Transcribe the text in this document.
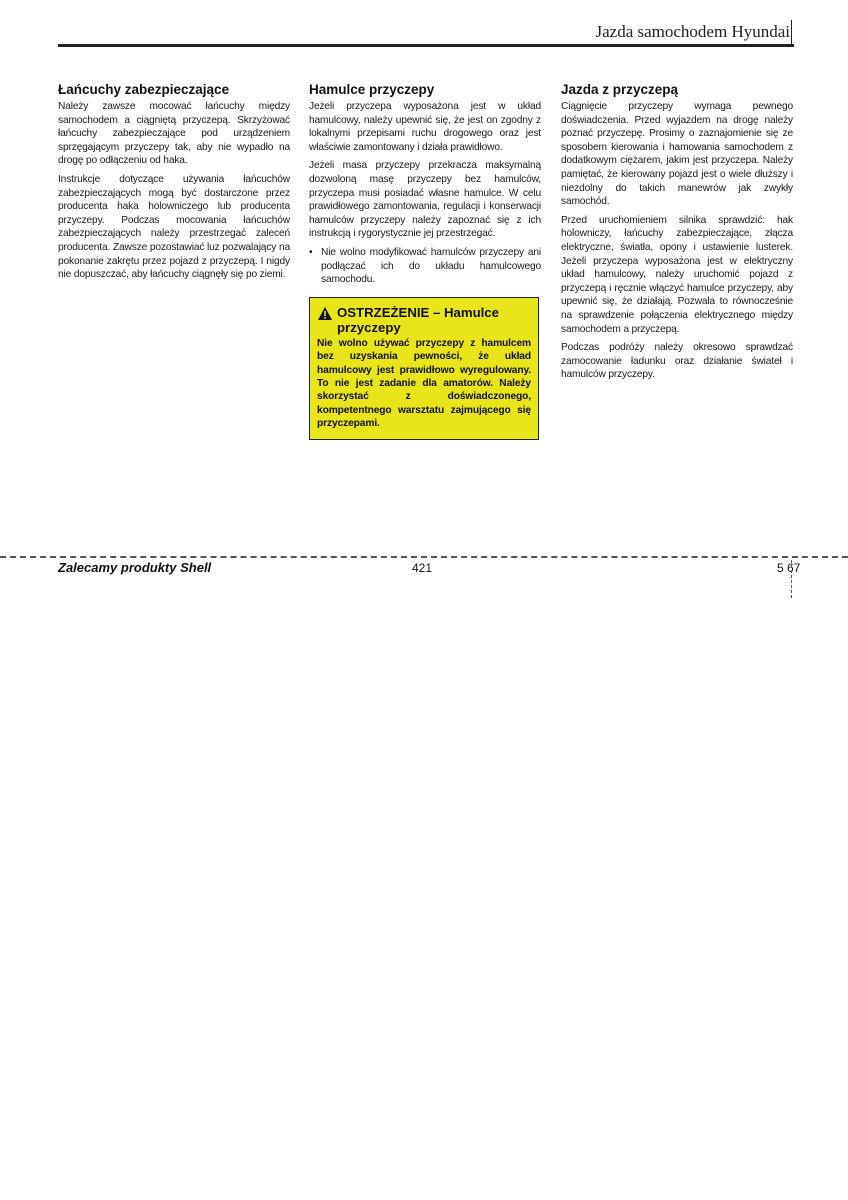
Jazda samochodem Hyundai
Łańcuchy zabezpieczające

Należy zawsze mocować łańcuchy między samochodem a ciągniętą przyczepą. Skrzyżować łańcuchy zabezpieczające pod urządzeniem sprzęgającym przyczepy tak, aby nie wypadło na drogę po odłączeniu od haka.

Instrukcje dotyczące używania łańcuchów zabezpieczających mogą być dostarczone przez producenta haka holowniczego lub producenta przyczepy. Podczas mocowania łańcuchów zabezpieczających należy przestrzegać zaleceń producenta. Zawsze pozostawiać luz pozwalający na pokonanie zakrętu przez pojazd z przyczepą. I nigdy nie dopuszczać, aby łańcuchy ciągnęły się po ziemi.

Hamulce przyczepy

Jeżeli przyczepa wyposażona jest w układ hamulcowy, należy upewnić się, że jest on zgodny z lokalnymi przepisami ruchu drogowego oraz jest właściwie zamontowany i działa prawidłowo.

Jeżeli masa przyczepy przekracza maksymalną dozwoloną masę przyczepy bez hamulców, przyczepa musi posiadać własne hamulce. W celu prawidłowego zamontowania, regulacji i konserwacji hamulców przyczepy należy zapoznać się z ich instrukcją i rygorystycznie jej przestrzegać.

• Nie wolno modyfikować hamulców przyczepy ani podłączać ich do układu hamulcowego samochodu.
OSTRZEŻENIE – Hamulce przyczepy
Nie wolno używać przyczepy z hamulcem bez uzyskania pewności, że układ hamulcowy jest prawidłowo wyregulowany. To nie jest zadanie dla amatorów. Należy skorzystać z doświadczonego, kompetentnego warsztatu zajmującego się przyczepami.
Jazda z przyczepą

Ciągnięcie przyczepy wymaga pewnego doświadczenia. Przed wyjazdem na drogę należy poznać przyczepę. Prosimy o zaznajomienie się ze sposobem kierowania i hamowania samochodem z dodatkowym ciężarem, jakim jest przyczepa. Należy pamiętać, że kierowany pojazd jest o wiele dłuższy i niezdolny do takich manewrów jak zwykły samochód.

Przed uruchomieniem silnika sprawdzić: hak holowniczy, łańcuchy zabezpieczające, złącza elektryczne, światła, opony i ustawienie lusterek. Jeżeli przyczepa wyposażona jest w elektryczny układ hamulcowy, należy uruchomić pojazd z przyczepą i ręcznie włączyć hamulce przyczepy, aby upewnić się, że działają. Pozwala to równocześnie na sprawdzenie połączenia elektrycznego między samochodem a przyczepą.

Podczas podróży należy okresowo sprawdzać zamocowanie ładunku oraz działanie świateł i hamulców przyczepy.

Zalecamy produkty Shell	421	5 67
